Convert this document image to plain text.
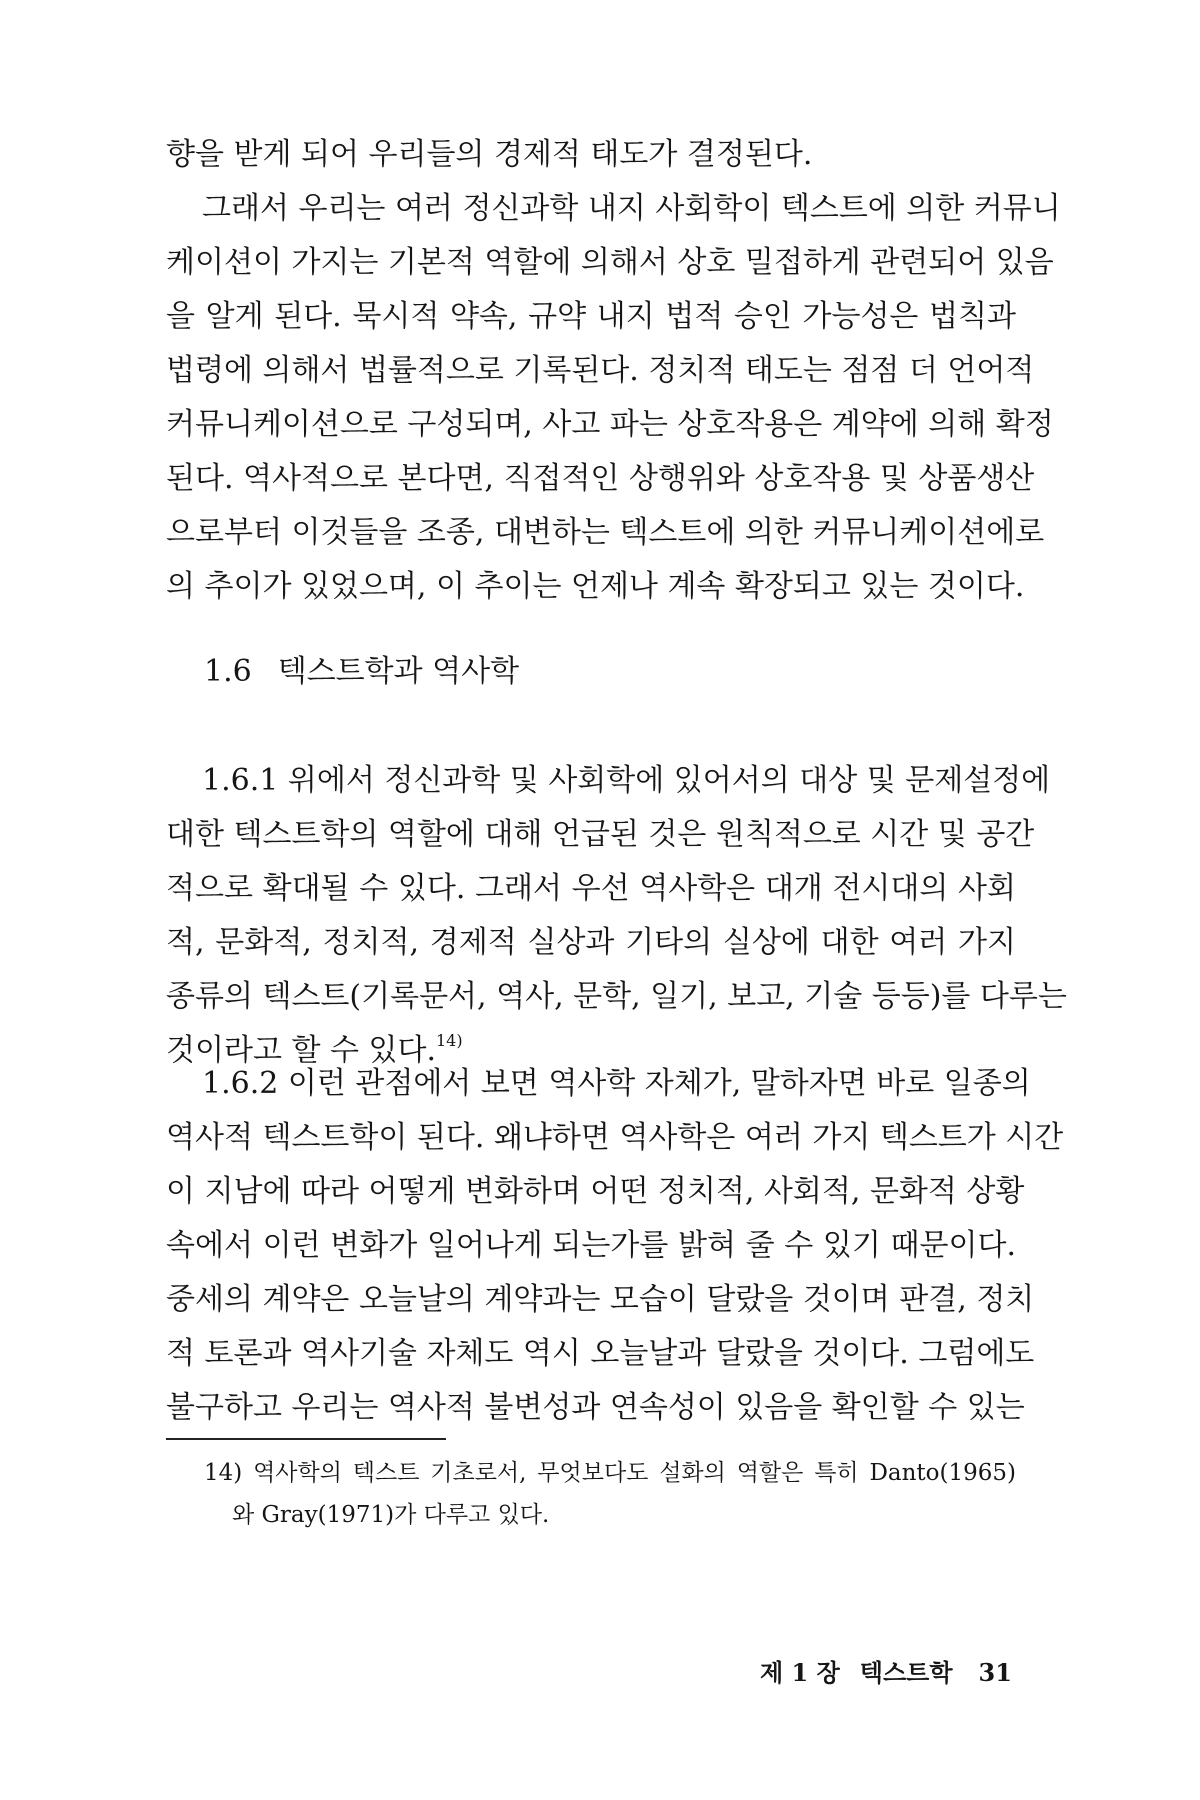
향을 받게 되어 우리들의 경제적 태도가 결정된다.
그래서 우리는 여러 정신과학 내지 사회학이 텍스트에 의한 커뮤니
케이션이 가지는 기본적 역할에 의해서 상호 밀접하게 관련되어 있음
을 알게 된다. 묵시적 약속, 규약 내지 법적 승인 가능성은 법칙과
법령에 의해서 법률적으로 기록된다. 정치적 태도는 점점 더 언어적
커뮤니케이션으로 구성되며, 사고 파는 상호작용은 계약에 의해 확정
된다. 역사적으로 본다면, 직접적인 상행위와 상호작용 및 상품생산
으로부터 이것들을 조종, 대변하는 텍스트에 의한 커뮤니케이션에로
의 추이가 있었으며, 이 추이는 언제나 계속 확장되고 있는 것이다.
1.6 텍스트학과 역사학
1.6.1 위에서 정신과학 및 사회학에 있어서의 대상 및 문제설정에
대한 텍스트학의 역할에 대해 언급된 것은 원칙적으로 시간 및 공간
적으로 확대될 수 있다. 그래서 우선 역사학은 대개 전시대의 사회
적, 문화적, 정치적, 경제적 실상과 기타의 실상에 대한 여러 가지
종류의 텍스트(기록문서, 역사, 문학, 일기, 보고, 기술 등등)를 다루는
것이라고 할 수 있다.$^{14)}$
1.6.2 이런 관점에서 보면 역사학 자체가, 말하자면 바로 일종의
역사적 텍스트학이 된다. 왜냐하면 역사학은 여러 가지 텍스트가 시간
이 지남에 따라 어떻게 변화하며 어떤 정치적, 사회적, 문화적 상황
속에서 이런 변화가 일어나게 되는가를 밝혀 줄 수 있기 때문이다.
중세의 계약은 오늘날의 계약과는 모습이 달랐을 것이며 판결, 정치
적 토론과 역사기술 자체도 역시 오늘날과 달랐을 것이다. 그럼에도
불구하고 우리는 역사적 불변성과 연속성이 있음을 확인할 수 있는
14) 역사학의 텍스트 기초로서, 무엇보다도 설화의 역할은 특히 Danto(1965)
와 Gray(1971)가 다루고 있다.
제 1 장 텍스트학 31
